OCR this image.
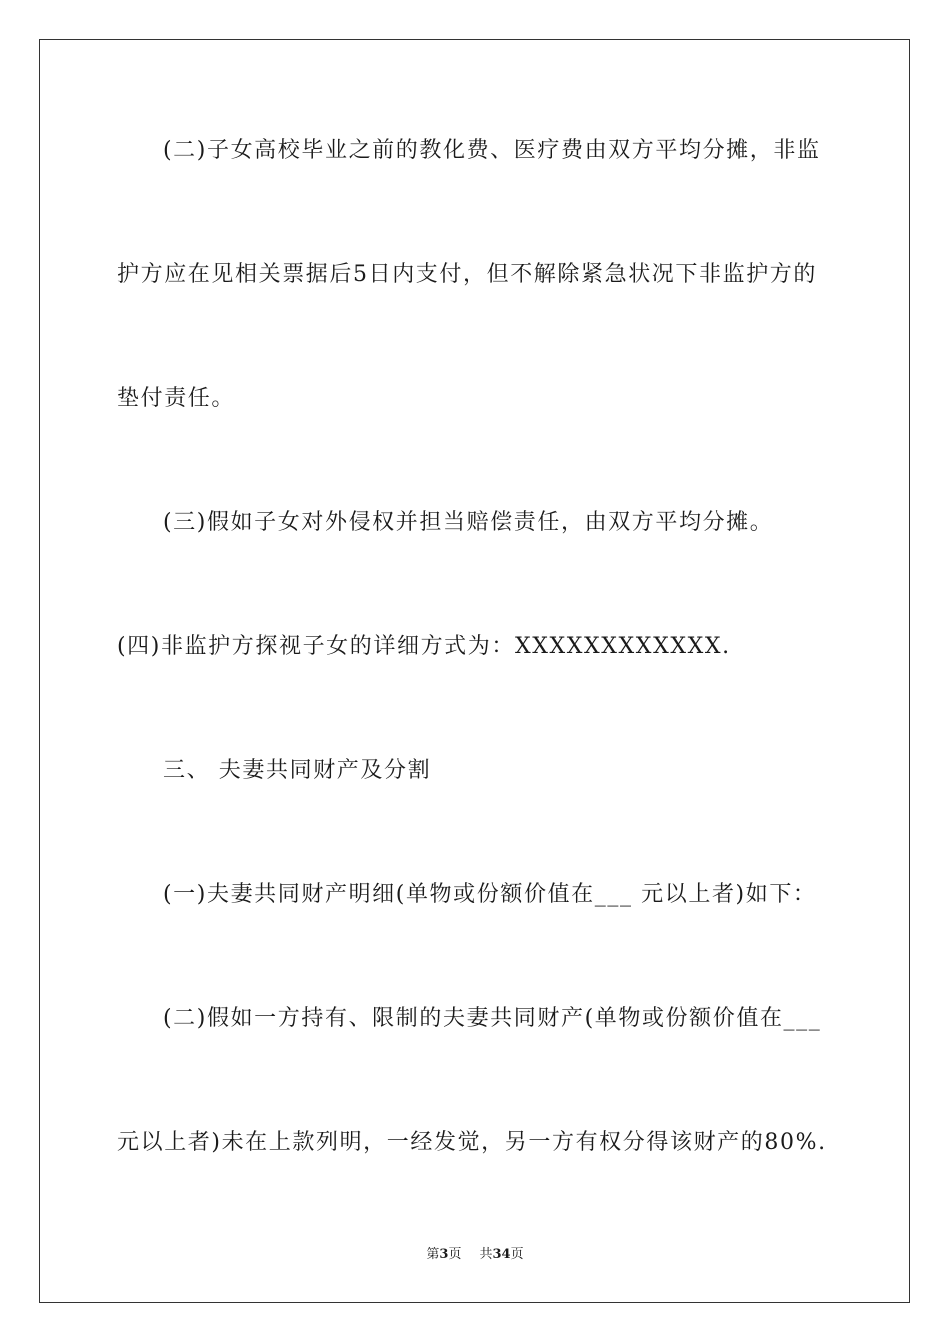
(二)子女高校毕业之前的教化费、医疗费由双方平均分摊，非监
护方应在见相关票据后5日内支付，但不解除紧急状况下非监护方的
垫付责任。
(三)假如子女对外侵权并担当赔偿责任，由双方平均分摊。
(四)非监护方探视子女的详细方式为：XXXXXXXXXXXX.
三、 夫妻共同财产及分割
(一)夫妻共同财产明细(单物或份额价值在___ 元以上者)如下：
(二)假如一方持有、限制的夫妻共同财产(单物或份额价值在___
元以上者)未在上款列明，一经发觉，另一方有权分得该财产的80%.
第3页 共34页
